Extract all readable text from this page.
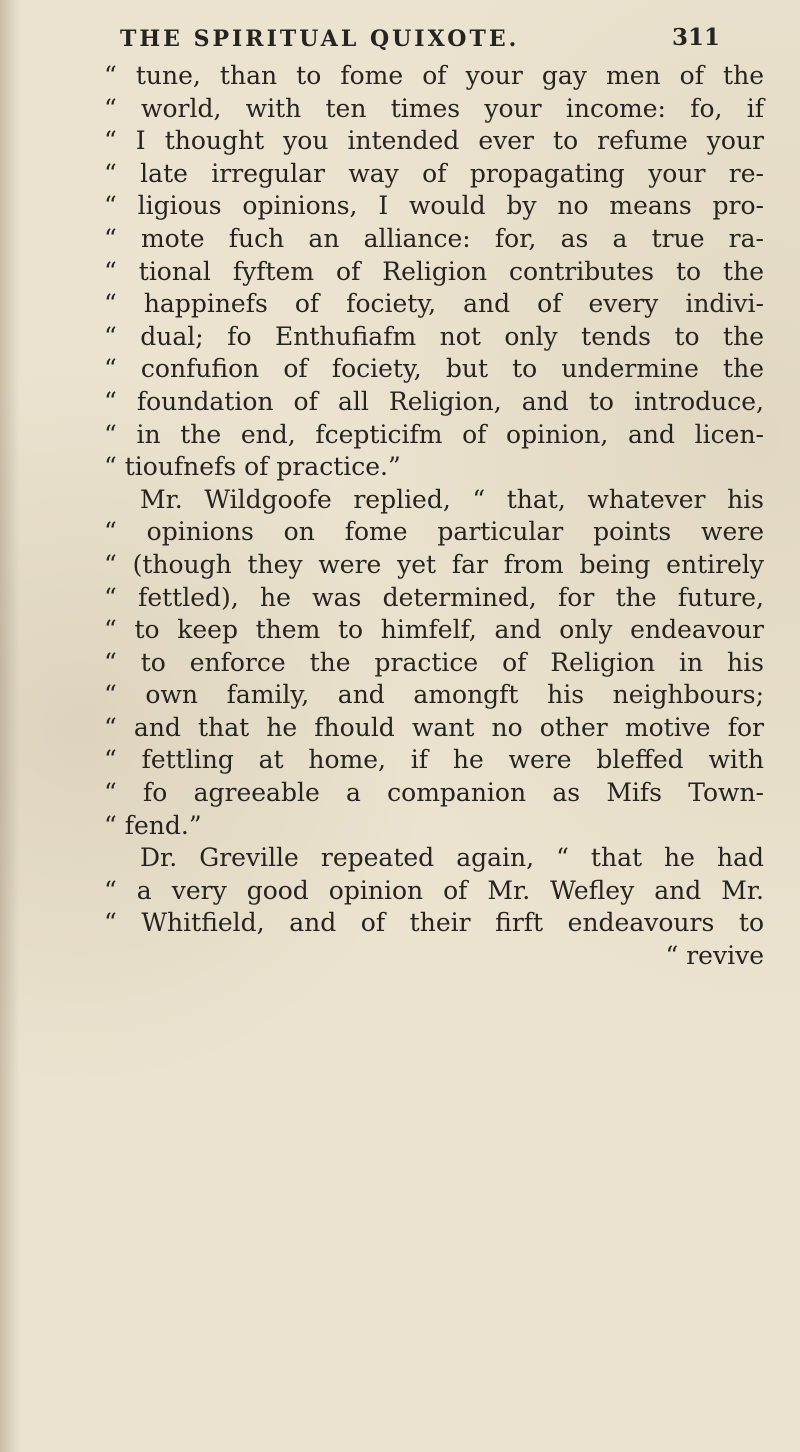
THE SPIRITUAL QUIXOTE.	311
“ tune, than to fome of your gay men of the
“ world, with ten times your income: fo, if
“ I thought you intended ever to refume your
“ late irregular way of propagating your re-
“ ligious opinions, I would by no means pro-
“ mote fuch an alliance: for, as a true ra-
“ tional fyftem of Religion contributes to the
“ happinefs of fociety, and of every indivi-
“ dual; fo Enthufiafm not only tends to the
“ confufion of fociety, but to undermine the
“ foundation of all Religion, and to introduce,
“ in the end, fcepticifm of opinion, and licen-
“ tioufnefs of practice.”
Mr. Wildgoofe replied, “ that, whatever his
“ opinions on fome particular points were
“ (though they were yet far from being entirely
“ fettled), he was determined, for the future,
“ to keep them to himfelf, and only endeavour
“ to enforce the practice of Religion in his
“ own family, and amongft his neighbours;
“ and that he fhould want no other motive for
“ fettling at home, if he were bleffed with
“ fo agreeable a companion as Mifs Town-
“ fend.”
Dr. Greville repeated again, “ that he had
“ a very good opinion of Mr. Wefley and Mr.
“ Whitfield, and of their firft endeavours to
“ revive
